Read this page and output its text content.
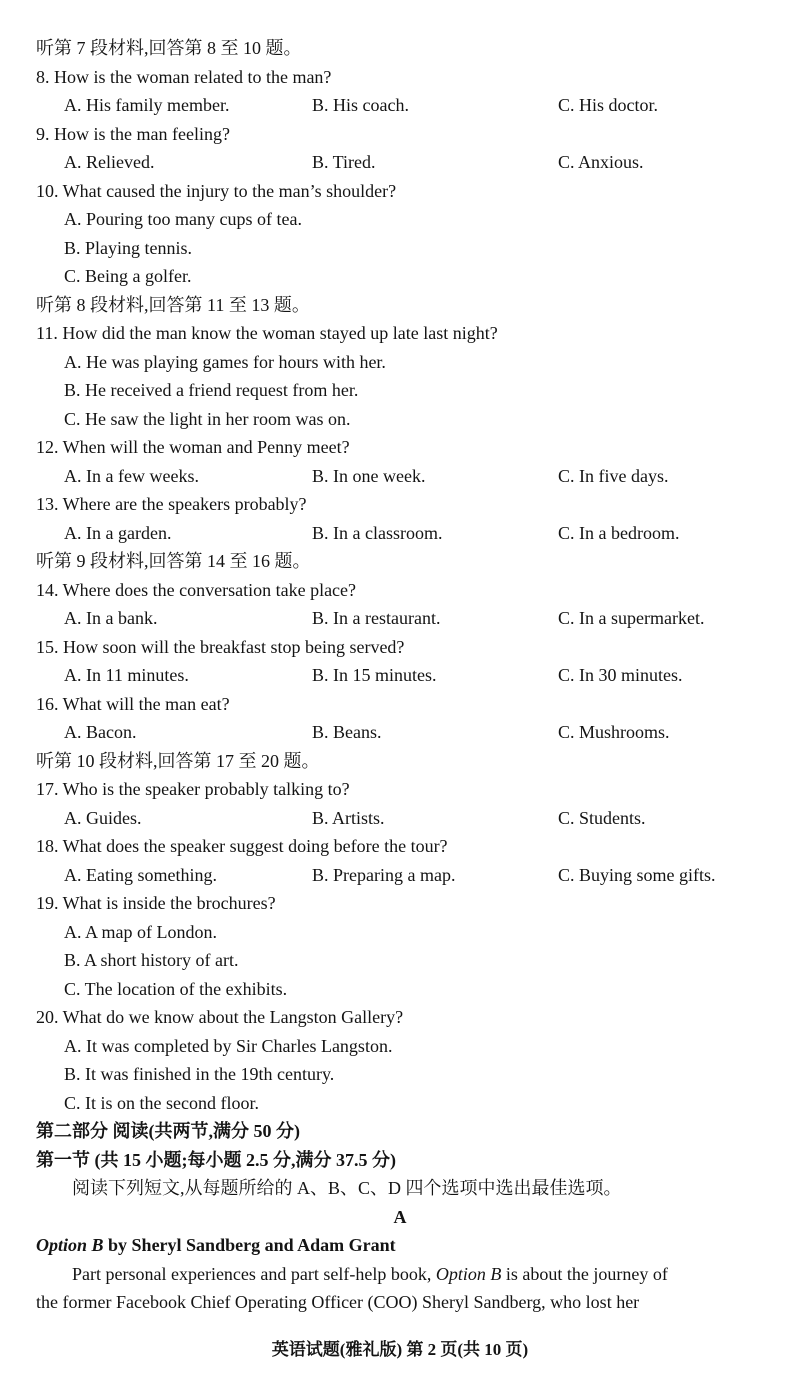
听第 7 段材料,回答第 8 至 10 题。
8. How is the woman related to the man?
A. His family member.	B. His coach.	C. His doctor.
9. How is the man feeling?
A. Relieved.	B. Tired.	C. Anxious.
10. What caused the injury to the man’s shoulder?
A. Pouring too many cups of tea.
B. Playing tennis.
C. Being a golfer.
听第 8 段材料,回答第 11 至 13 题。
11. How did the man know the woman stayed up late last night?
A. He was playing games for hours with her.
B. He received a friend request from her.
C. He saw the light in her room was on.
12. When will the woman and Penny meet?
A. In a few weeks.	B. In one week.	C. In five days.
13. Where are the speakers probably?
A. In a garden.	B. In a classroom.	C. In a bedroom.
听第 9 段材料,回答第 14 至 16 题。
14. Where does the conversation take place?
A. In a bank.	B. In a restaurant.	C. In a supermarket.
15. How soon will the breakfast stop being served?
A. In 11 minutes.	B. In 15 minutes.	C. In 30 minutes.
16. What will the man eat?
A. Bacon.	B. Beans.	C. Mushrooms.
听第 10 段材料,回答第 17 至 20 题。
17. Who is the speaker probably talking to?
A. Guides.	B. Artists.	C. Students.
18. What does the speaker suggest doing before the tour?
A. Eating something.	B. Preparing a map.	C. Buying some gifts.
19. What is inside the brochures?
A. A map of London.
B. A short history of art.
C. The location of the exhibits.
20. What do we know about the Langston Gallery?
A. It was completed by Sir Charles Langston.
B. It was finished in the 19th century.
C. It is on the second floor.
第二部分 阅读(共两节,满分 50 分)
第一节 (共 15 小题;每小题 2.5 分,满分 37.5 分)
阅读下列短文,从每题所给的 A、B、C、D 四个选项中选出最佳选项。
A
Option B by Sheryl Sandberg and Adam Grant
Part personal experiences and part self-help book, Option B is about the journey of
the former Facebook Chief Operating Officer (COO) Sheryl Sandberg, who lost her
英语试题(雅礼版) 第 2 页(共 10 页)
